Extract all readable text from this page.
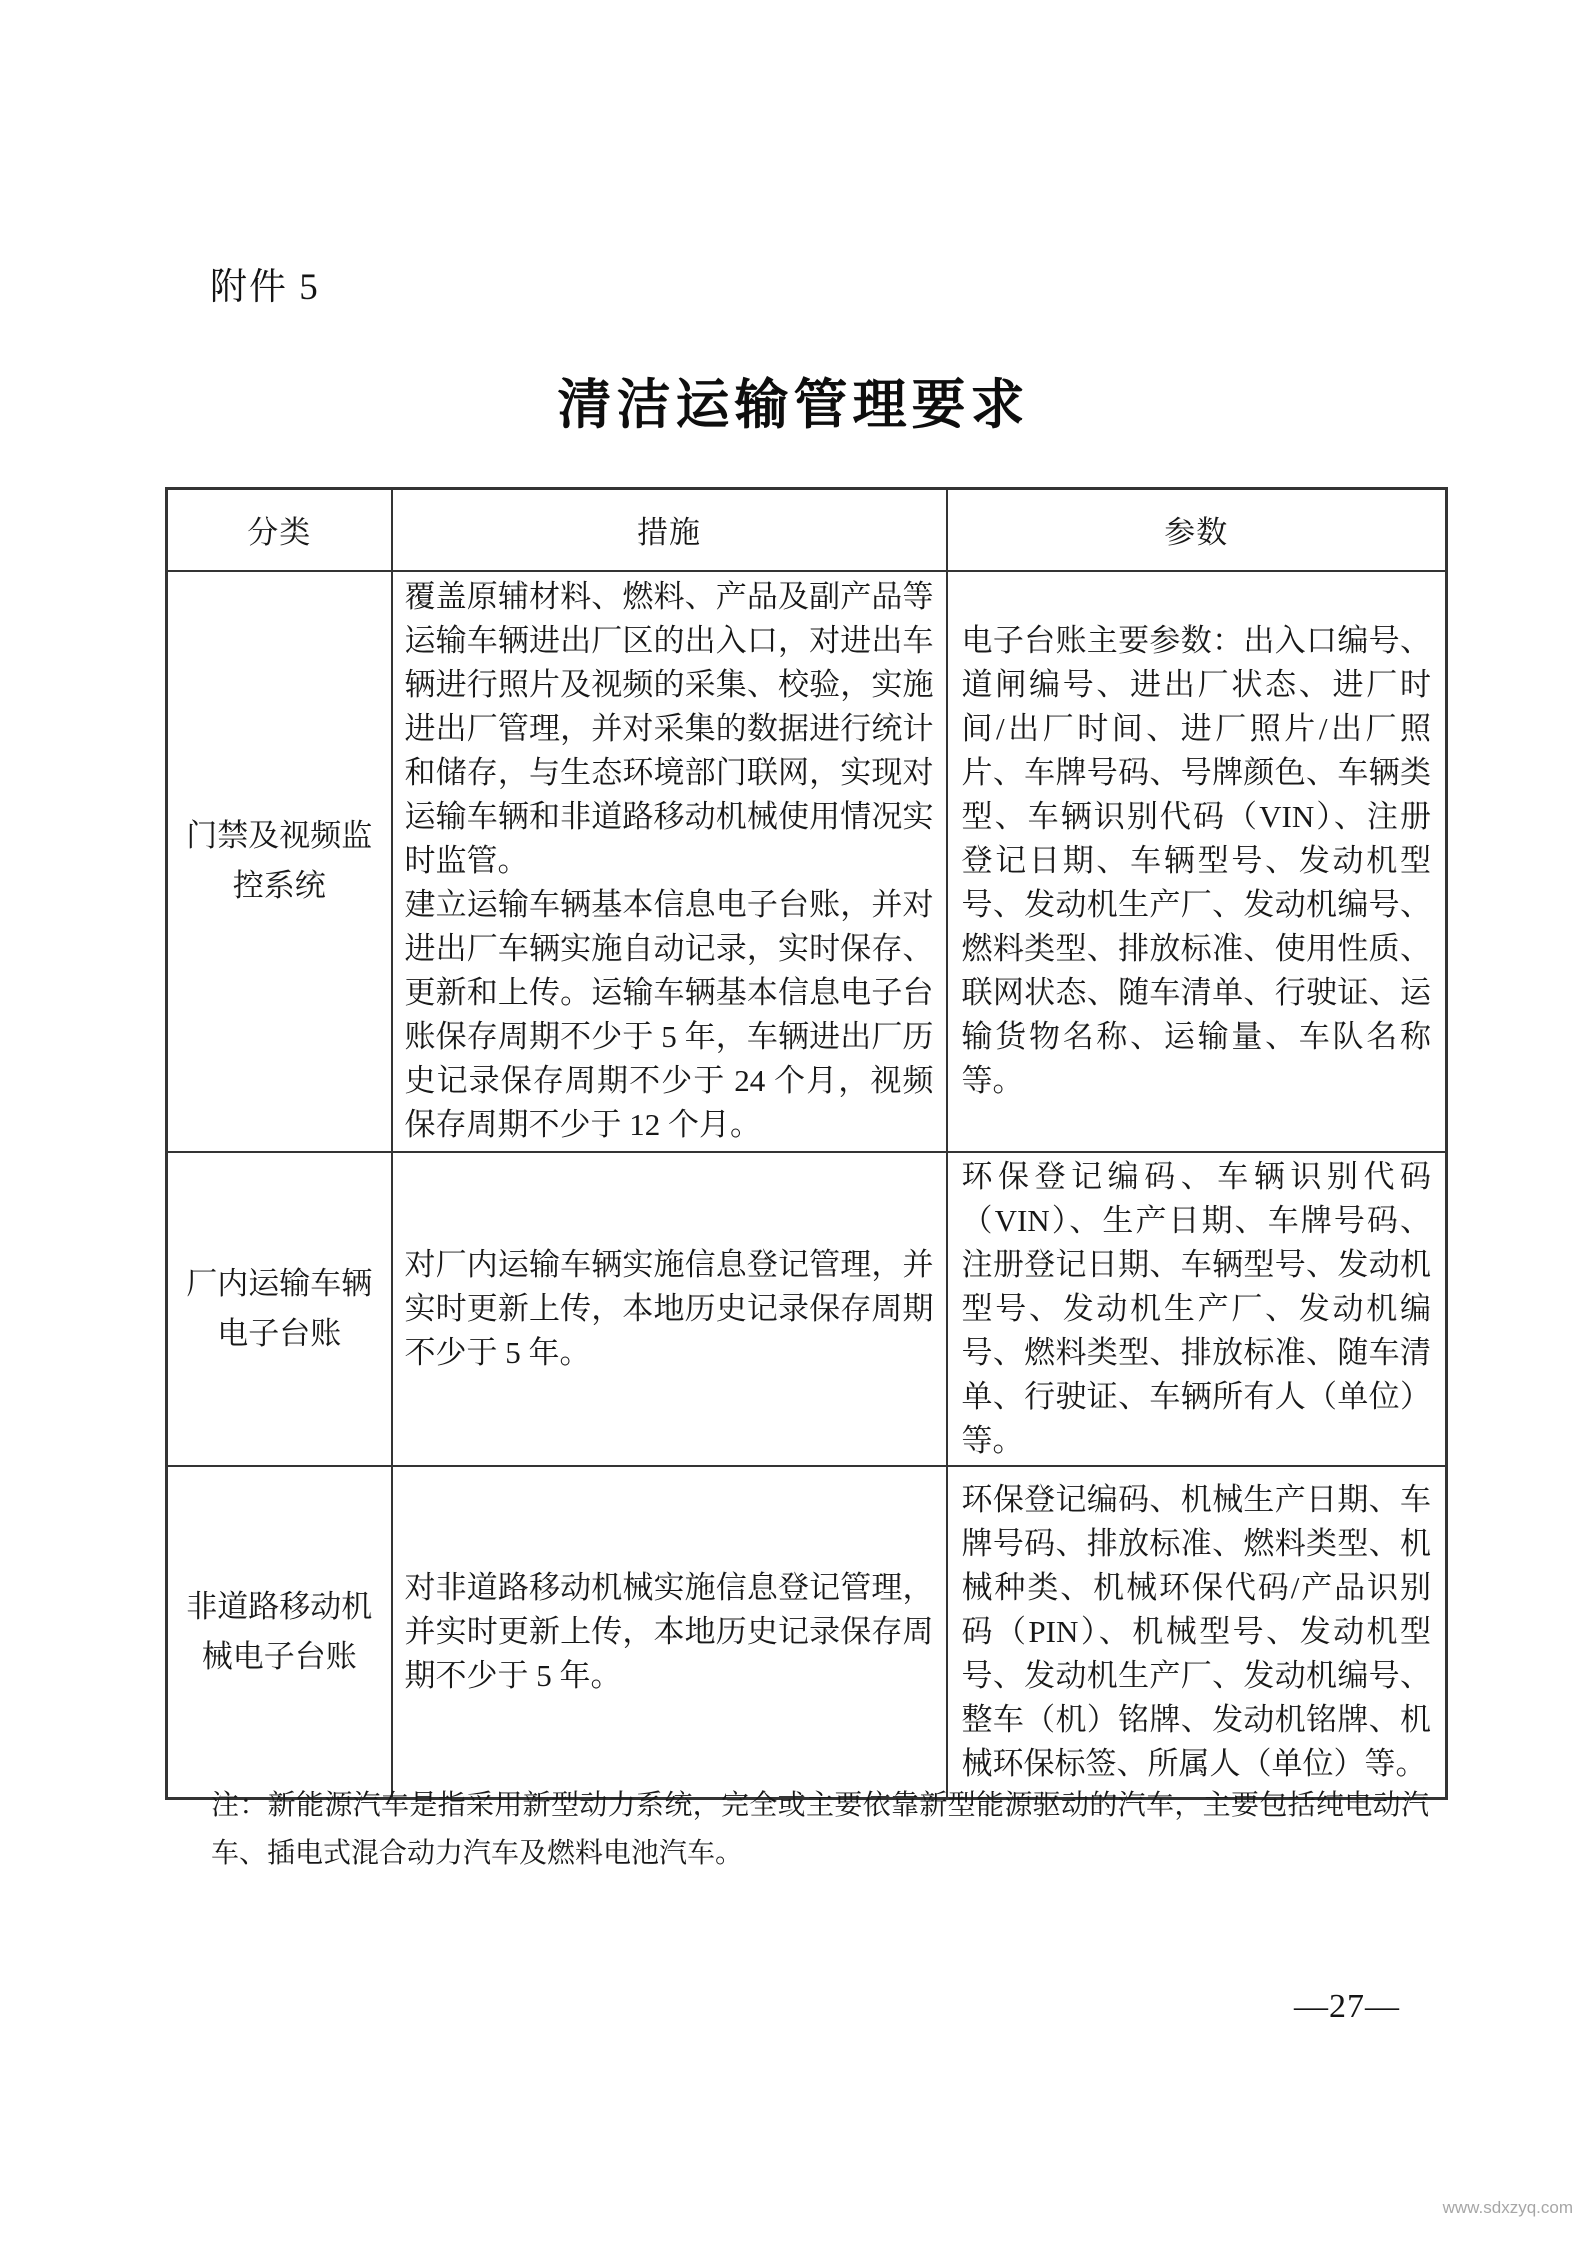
附件 5
清洁运输管理要求
分类	措施	参数
门禁及视频监控系统	覆盖原辅材料、燃料、产品及副产品等运输车辆进出厂区的出入口，对进出车辆进行照片及视频的采集、校验，实施进出厂管理，并对采集的数据进行统计和储存，与生态环境部门联网，实现对运输车辆和非道路移动机械使用情况实时监管。

建立运输车辆基本信息电子台账，并对进出厂车辆实施自动记录，实时保存、更新和上传。运输车辆基本信息电子台账保存周期不少于 5 年，车辆进出厂历史记录保存周期不少于 24 个月，视频保存周期不少于 12 个月。	电子台账主要参数：出入口编号、道闸编号、进出厂状态、进厂时间/出厂时间、进厂照片/出厂照片、车牌号码、号牌颜色、车辆类型、车辆识别代码（VIN）、注册登记日期、车辆型号、发动机型号、发动机生产厂、发动机编号、燃料类型、排放标准、使用性质、联网状态、随车清单、行驶证、运输货物名称、运输量、车队名称等。
厂内运输车辆电子台账	对厂内运输车辆实施信息登记管理，并实时更新上传，本地历史记录保存周期不少于 5 年。	环保登记编码、车辆识别代码（VIN）、生产日期、车牌号码、注册登记日期、车辆型号、发动机型号、发动机生产厂、发动机编号、燃料类型、排放标准、随车清单、行驶证、车辆所有人（单位）等。
非道路移动机械电子台账	对非道路移动机械实施信息登记管理，并实时更新上传，本地历史记录保存周期不少于 5 年。	环保登记编码、机械生产日期、车牌号码、排放标准、燃料类型、机械种类、机械环保代码/产品识别码（PIN）、机械型号、发动机型号、发动机生产厂、发动机编号、整车（机）铭牌、发动机铭牌、机械环保标签、所属人（单位）等。
注：新能源汽车是指采用新型动力系统，完全或主要依靠新型能源驱动的汽车，主要包括纯电动汽车、插电式混合动力汽车及燃料电池汽车。
—27—
www.sdxzyq.com
